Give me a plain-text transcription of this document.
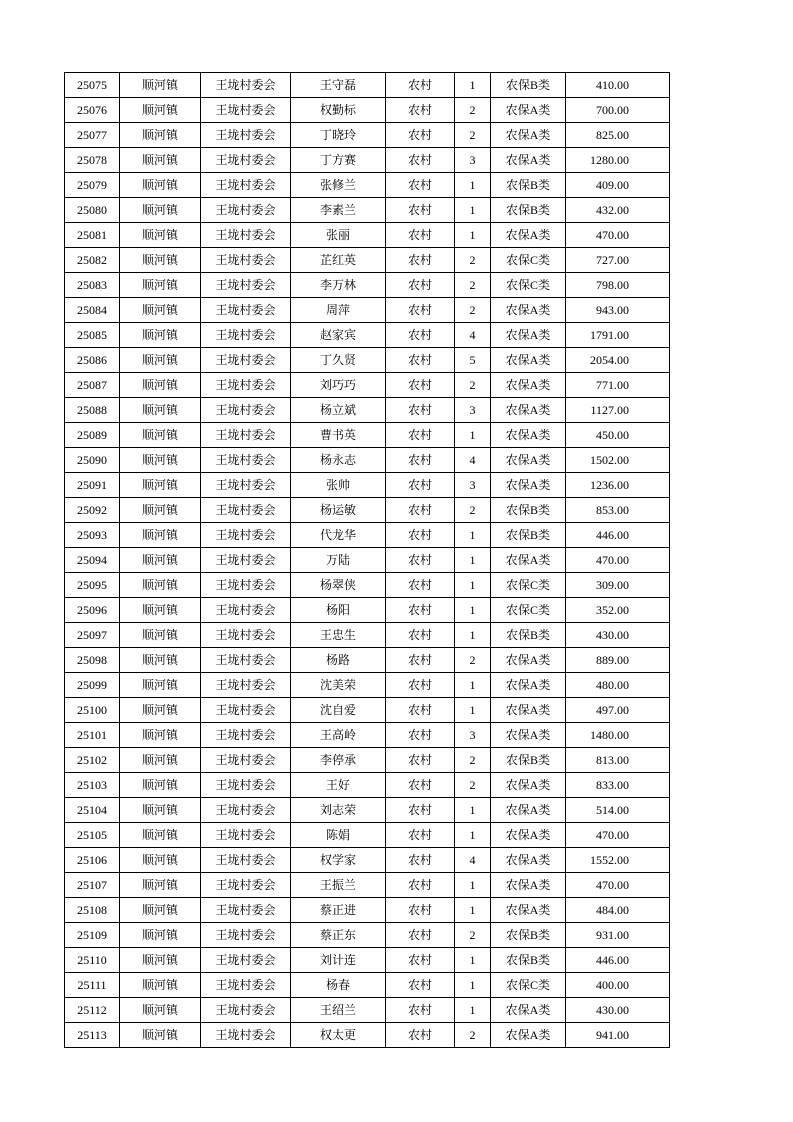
25075	顺河镇	王垅村委会	王守磊	农村	1	农保B类	410.00
25076	顺河镇	王垅村委会	权勤标	农村	2	农保A类	700.00
25077	顺河镇	王垅村委会	丁晓玲	农村	2	农保A类	825.00
25078	顺河镇	王垅村委会	丁方赛	农村	3	农保A类	1280.00
25079	顺河镇	王垅村委会	张修兰	农村	1	农保B类	409.00
25080	顺河镇	王垅村委会	李素兰	农村	1	农保B类	432.00
25081	顺河镇	王垅村委会	张丽	农村	1	农保A类	470.00
25082	顺河镇	王垅村委会	芷红英	农村	2	农保C类	727.00
25083	顺河镇	王垅村委会	李万林	农村	2	农保C类	798.00
25084	顺河镇	王垅村委会	周萍	农村	2	农保A类	943.00
25085	顺河镇	王垅村委会	赵家宾	农村	4	农保A类	1791.00
25086	顺河镇	王垅村委会	丁久贤	农村	5	农保A类	2054.00
25087	顺河镇	王垅村委会	刘巧巧	农村	2	农保A类	771.00
25088	顺河镇	王垅村委会	杨立斌	农村	3	农保A类	1127.00
25089	顺河镇	王垅村委会	曹书英	农村	1	农保A类	450.00
25090	顺河镇	王垅村委会	杨永志	农村	4	农保A类	1502.00
25091	顺河镇	王垅村委会	张帅	农村	3	农保A类	1236.00
25092	顺河镇	王垅村委会	杨运敏	农村	2	农保B类	853.00
25093	顺河镇	王垅村委会	代龙华	农村	1	农保B类	446.00
25094	顺河镇	王垅村委会	万陆	农村	1	农保A类	470.00
25095	顺河镇	王垅村委会	杨翠侠	农村	1	农保C类	309.00
25096	顺河镇	王垅村委会	杨阳	农村	1	农保C类	352.00
25097	顺河镇	王垅村委会	王忠生	农村	1	农保B类	430.00
25098	顺河镇	王垅村委会	杨路	农村	2	农保A类	889.00
25099	顺河镇	王垅村委会	沈美荣	农村	1	农保A类	480.00
25100	顺河镇	王垅村委会	沈自爱	农村	1	农保A类	497.00
25101	顺河镇	王垅村委会	王高岭	农村	3	农保A类	1480.00
25102	顺河镇	王垅村委会	李停承	农村	2	农保B类	813.00
25103	顺河镇	王垅村委会	王好	农村	2	农保A类	833.00
25104	顺河镇	王垅村委会	刘志荣	农村	1	农保A类	514.00
25105	顺河镇	王垅村委会	陈娟	农村	1	农保A类	470.00
25106	顺河镇	王垅村委会	权学家	农村	4	农保A类	1552.00
25107	顺河镇	王垅村委会	王振兰	农村	1	农保A类	470.00
25108	顺河镇	王垅村委会	蔡正进	农村	1	农保A类	484.00
25109	顺河镇	王垅村委会	蔡正东	农村	2	农保B类	931.00
25110	顺河镇	王垅村委会	刘计连	农村	1	农保B类	446.00
25111	顺河镇	王垅村委会	杨春	农村	1	农保C类	400.00
25112	顺河镇	王垅村委会	王绍兰	农村	1	农保A类	430.00
25113	顺河镇	王垅村委会	权太更	农村	2	农保A类	941.00
